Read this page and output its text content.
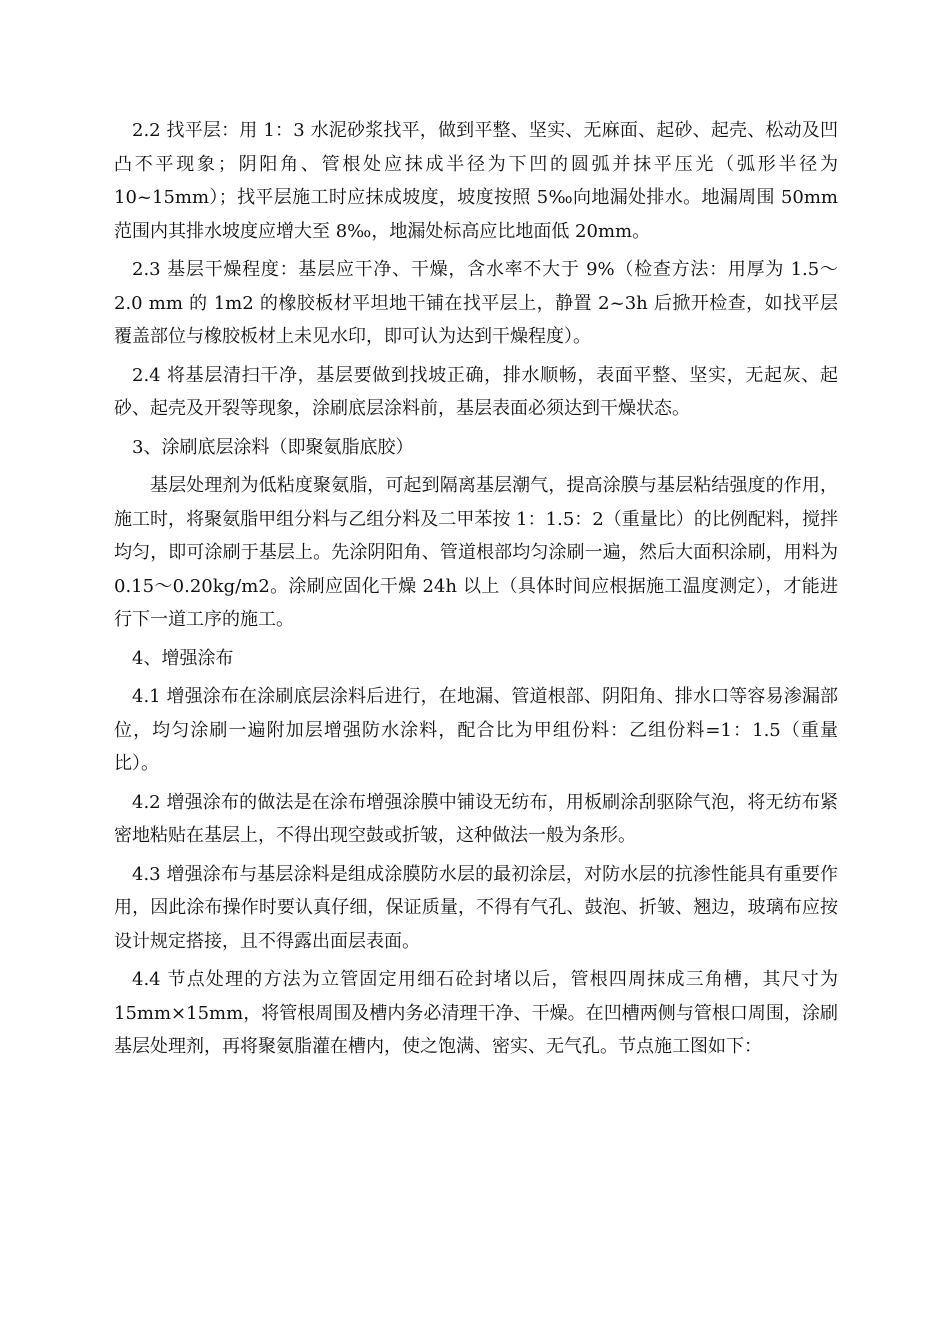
2.2 找平层：用 1：3 水泥砂浆找平，做到平整、坚实、无麻面、起砂、起壳、松动及凹凸不平现象；阴阳角、管根处应抹成半径为下凹的圆弧并抹平压光（弧形半径为 10~15mm）；找平层施工时应抹成坡度，坡度按照 5‰向地漏处排水。地漏周围 50mm 范围内其排水坡度应增大至 8‰，地漏处标高应比地面低 20mm。

2.3 基层干燥程度：基层应干净、干燥，含水率不大于 9%（检查方法：用厚为 1.5～2.0 mm 的 1m2 的橡胶板材平坦地干铺在找平层上，静置 2~3h 后掀开检查，如找平层覆盖部位与橡胶板材上未见水印，即可认为达到干燥程度）。

2.4 将基层清扫干净，基层要做到找坡正确，排水顺畅，表面平整、坚实，无起灰、起砂、起壳及开裂等现象，涂刷底层涂料前，基层表面必须达到干燥状态。

3、涂刷底层涂料（即聚氨脂底胶）

基层处理剂为低粘度聚氨脂，可起到隔离基层潮气，提高涂膜与基层粘结强度的作用，施工时，将聚氨脂甲组分料与乙组分料及二甲苯按 1：1.5：2（重量比）的比例配料，搅拌均匀，即可涂刷于基层上。先涂阴阳角、管道根部均匀涂刷一遍，然后大面积涂刷，用料为 0.15～0.20kg/m2。涂刷应固化干燥 24h 以上（具体时间应根据施工温度测定），才能进行下一道工序的施工。

4、增强涂布

4.1 增强涂布在涂刷底层涂料后进行，在地漏、管道根部、阴阳角、排水口等容易渗漏部位，均匀涂刷一遍附加层增强防水涂料，配合比为甲组份料：乙组份料=1：1.5（重量比）。

4.2 增强涂布的做法是在涂布增强涂膜中铺设无纺布，用板刷涂刮驱除气泡，将无纺布紧密地粘贴在基层上，不得出现空鼓或折皱，这种做法一般为条形。

4.3 增强涂布与基层涂料是组成涂膜防水层的最初涂层，对防水层的抗渗性能具有重要作用，因此涂布操作时要认真仔细，保证质量，不得有气孔、鼓泡、折皱、翘边，玻璃布应按设计规定搭接，且不得露出面层表面。

4.4 节点处理的方法为立管固定用细石砼封堵以后，管根四周抹成三角槽，其尺寸为 15mm×15mm，将管根周围及槽内务必清理干净、干燥。在凹槽两侧与管根口周围，涂刷基层处理剂，再将聚氨脂灌在槽内，使之饱满、密实、无气孔。节点施工图如下：
